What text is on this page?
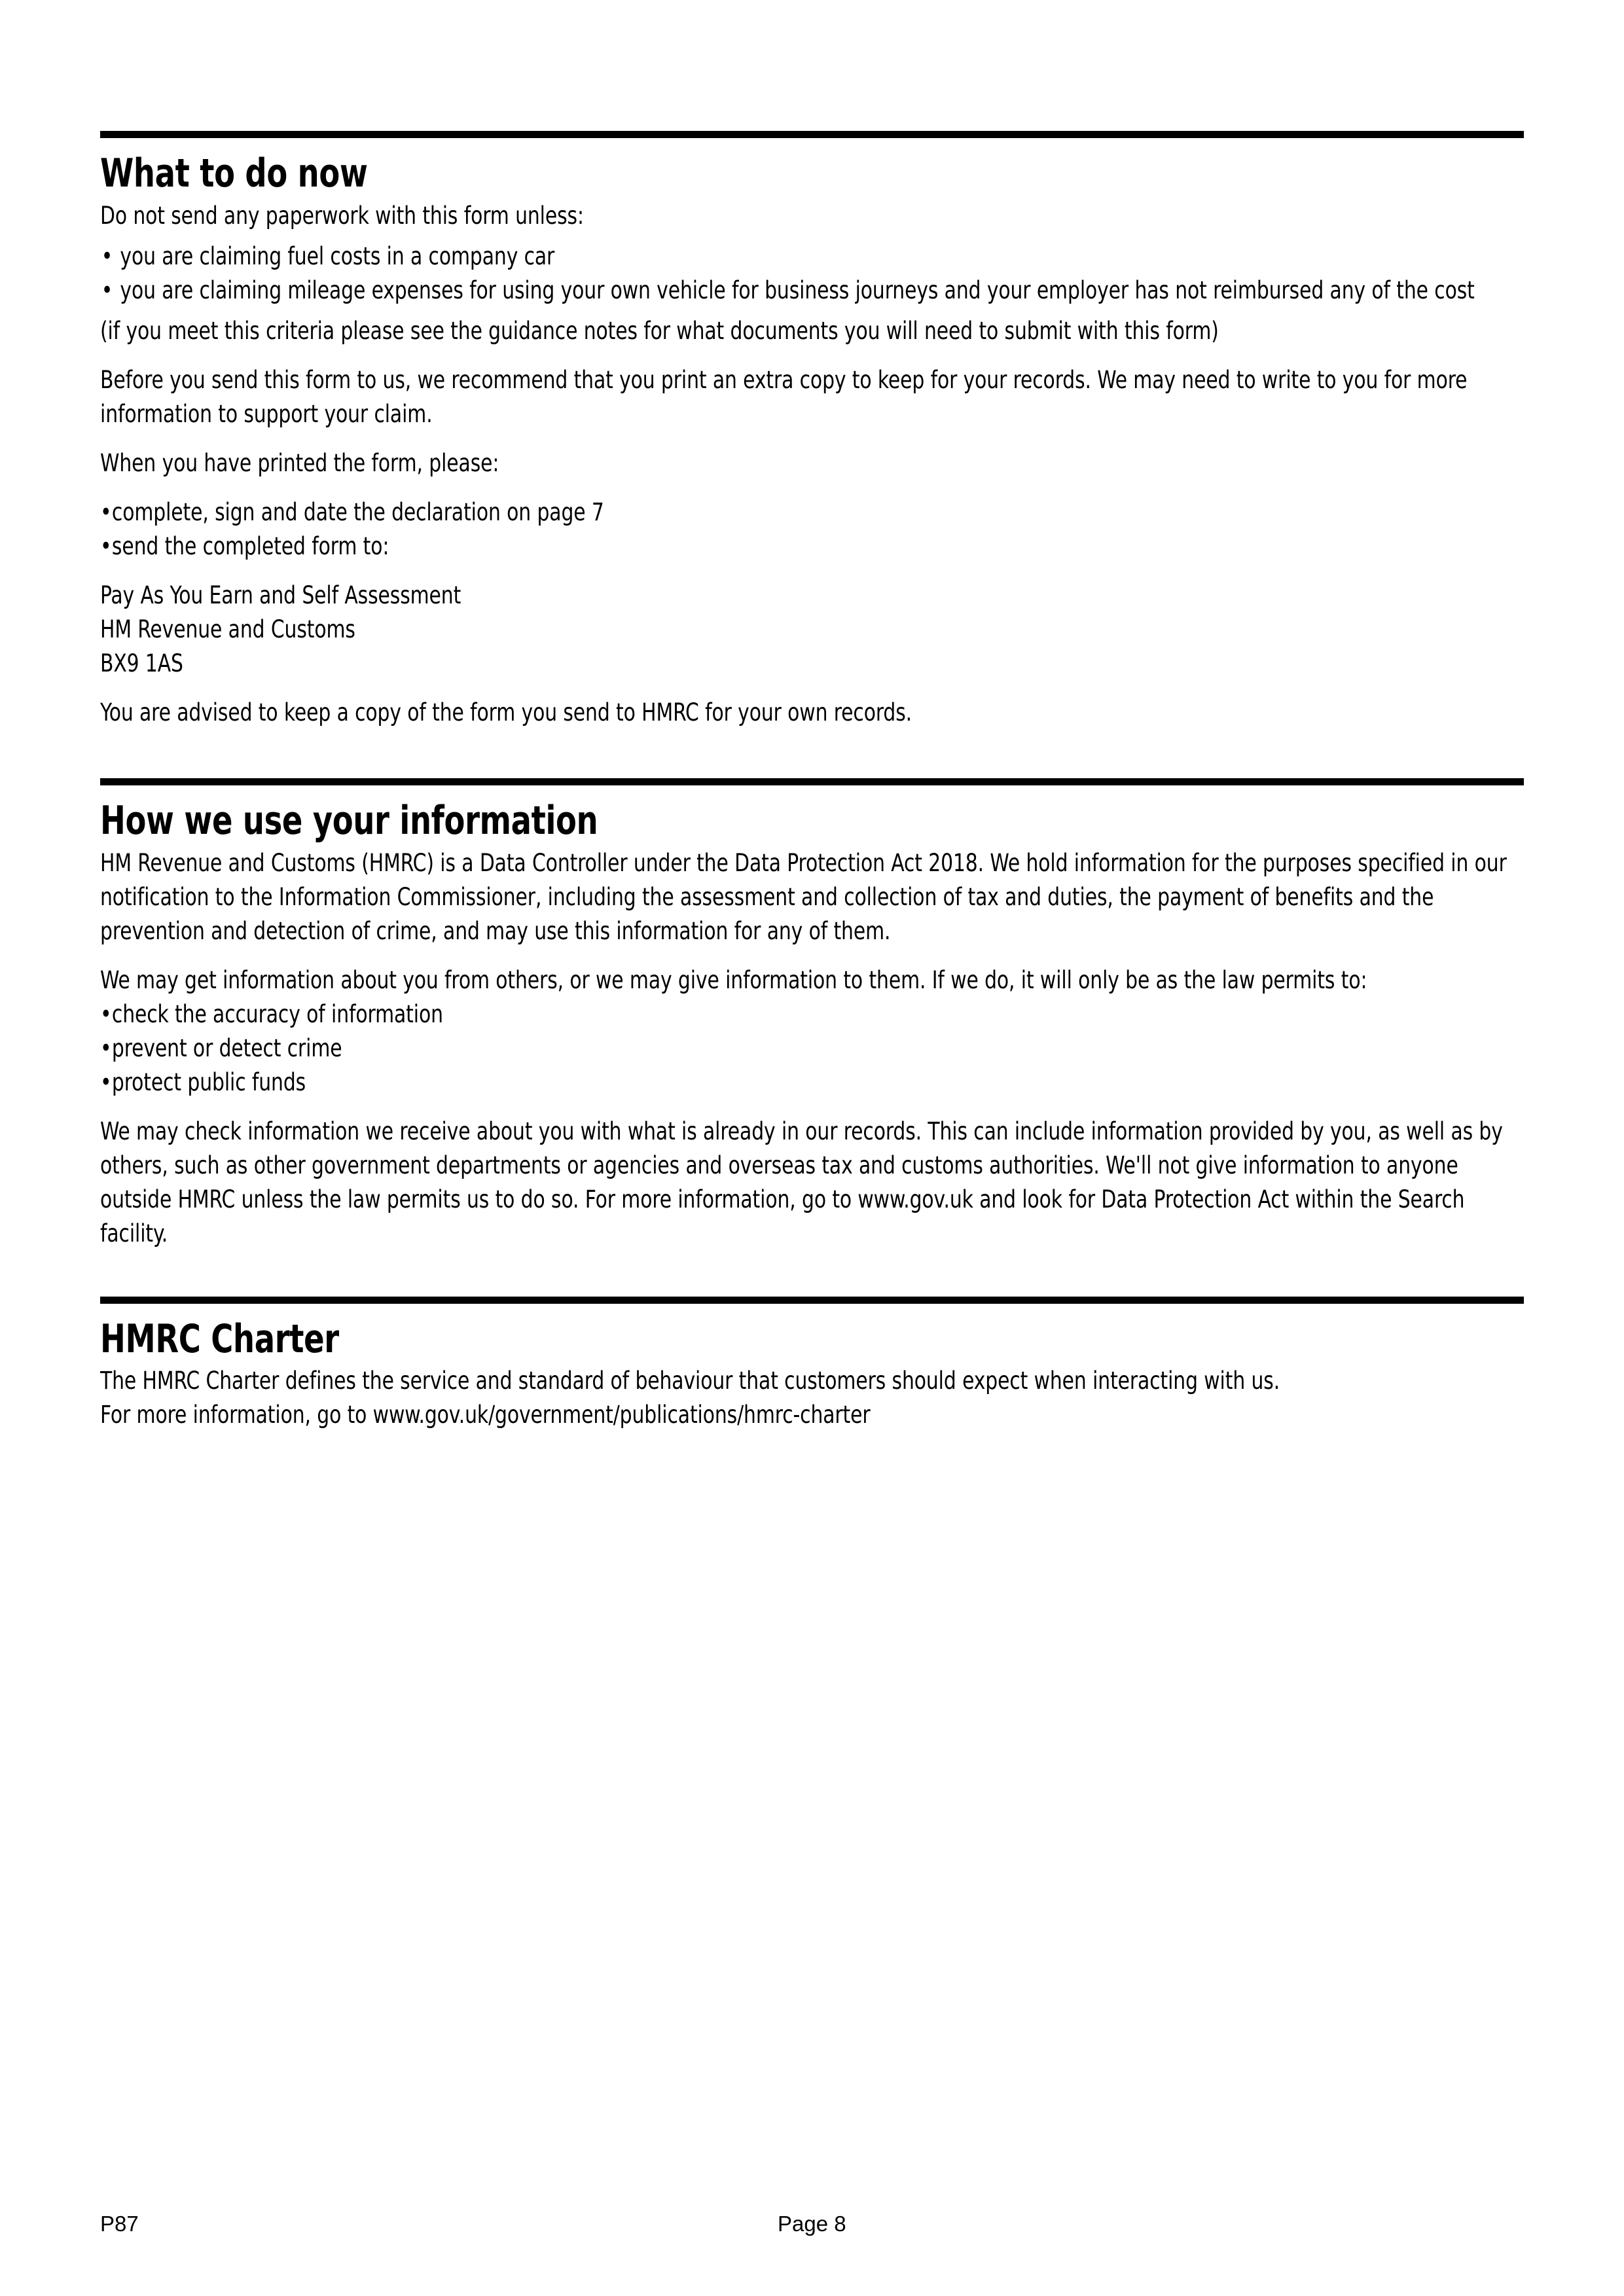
What to do now

Do not send any paperwork with this form unless:

• you are claiming fuel costs in a company car
• you are claiming mileage expenses for using your own vehicle for business journeys and your employer has not reimbursed any of the cost

(if you meet this criteria please see the guidance notes for what documents you will need to submit with this form)

Before you send this form to us, we recommend that you print an extra copy to keep for your records. We may need to write to you for more information to support your claim.

When you have printed the form, please:

• complete, sign and date the declaration on page 7
• send the completed form to:

Pay As You Earn and Self Assessment

HM Revenue and Customs

BX9 1AS

You are advised to keep a copy of the form you send to HMRC for your own records.

How we use your information

HM Revenue and Customs (HMRC) is a Data Controller under the Data Protection Act 2018. We hold information for the purposes specified in our notification to the Information Commissioner, including the assessment and collection of tax and duties, the payment of benefits and the prevention and detection of crime, and may use this information for any of them.

We may get information about you from others, or we may give information to them. If we do, it will only be as the law permits to:

• check the accuracy of information
• prevent or detect crime
• protect public funds

We may check information we receive about you with what is already in our records. This can include information provided by you, as well as by others, such as other government departments or agencies and overseas tax and customs authorities. We'll not give information to anyone outside HMRC unless the law permits us to do so. For more information, go to www.gov.uk and look for Data Protection Act within the Search facility.

HMRC Charter

The HMRC Charter defines the service and standard of behaviour that customers should expect when interacting with us.

For more information, go to www.gov.uk/government/publications/hmrc-charter

P87	Page 8
